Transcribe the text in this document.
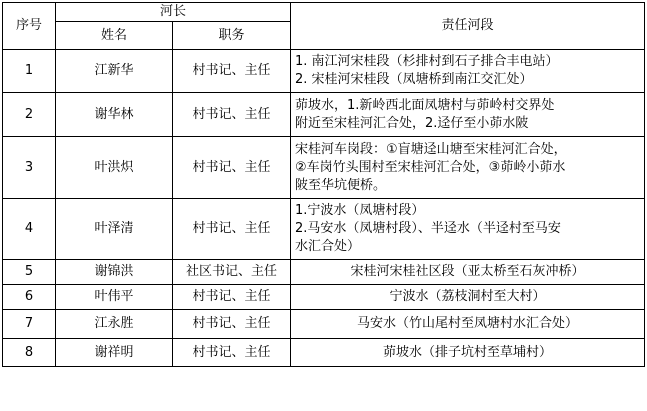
序号	河长		责任河段
	姓名	职务	
1	江新华	村书记、主任	1. 南江河宋桂段（杉排村到石子排合丰电站）
2. 宋桂河宋桂段（凤塘桥到南江交汇处）

2	谢华林	村书记、主任	茆坡水，1.新岭西北面凤塘村与茆岭村交界处
附近至宋桂河汇合处，2.迳仔至小茆水陂

3	叶洪炽	村书记、主任	宋桂河车岗段：①盲塘迳山塘至宋桂河汇合处，
②车岗竹头围村至宋桂河汇合处，③茆岭小茆水
陂至华坑便桥。

4	叶泽清	村书记、主任	1.宁波水（凤塘村段）
2.马安水（凤塘村段）、半迳水（半迳村至马安
水汇合处）

5	谢锦洪	社区书记、主任	宋桂河宋桂社区段（亚太桥至石灰冲桥）

6	叶伟平	村书记、主任	宁波水（荔枝洞村至大村）

7	江永胜	村书记、主任	马安水（竹山尾村至凤塘村水汇合处）

8	谢祥明	村书记、主任	茆坡水（排子坑村至草埔村）
